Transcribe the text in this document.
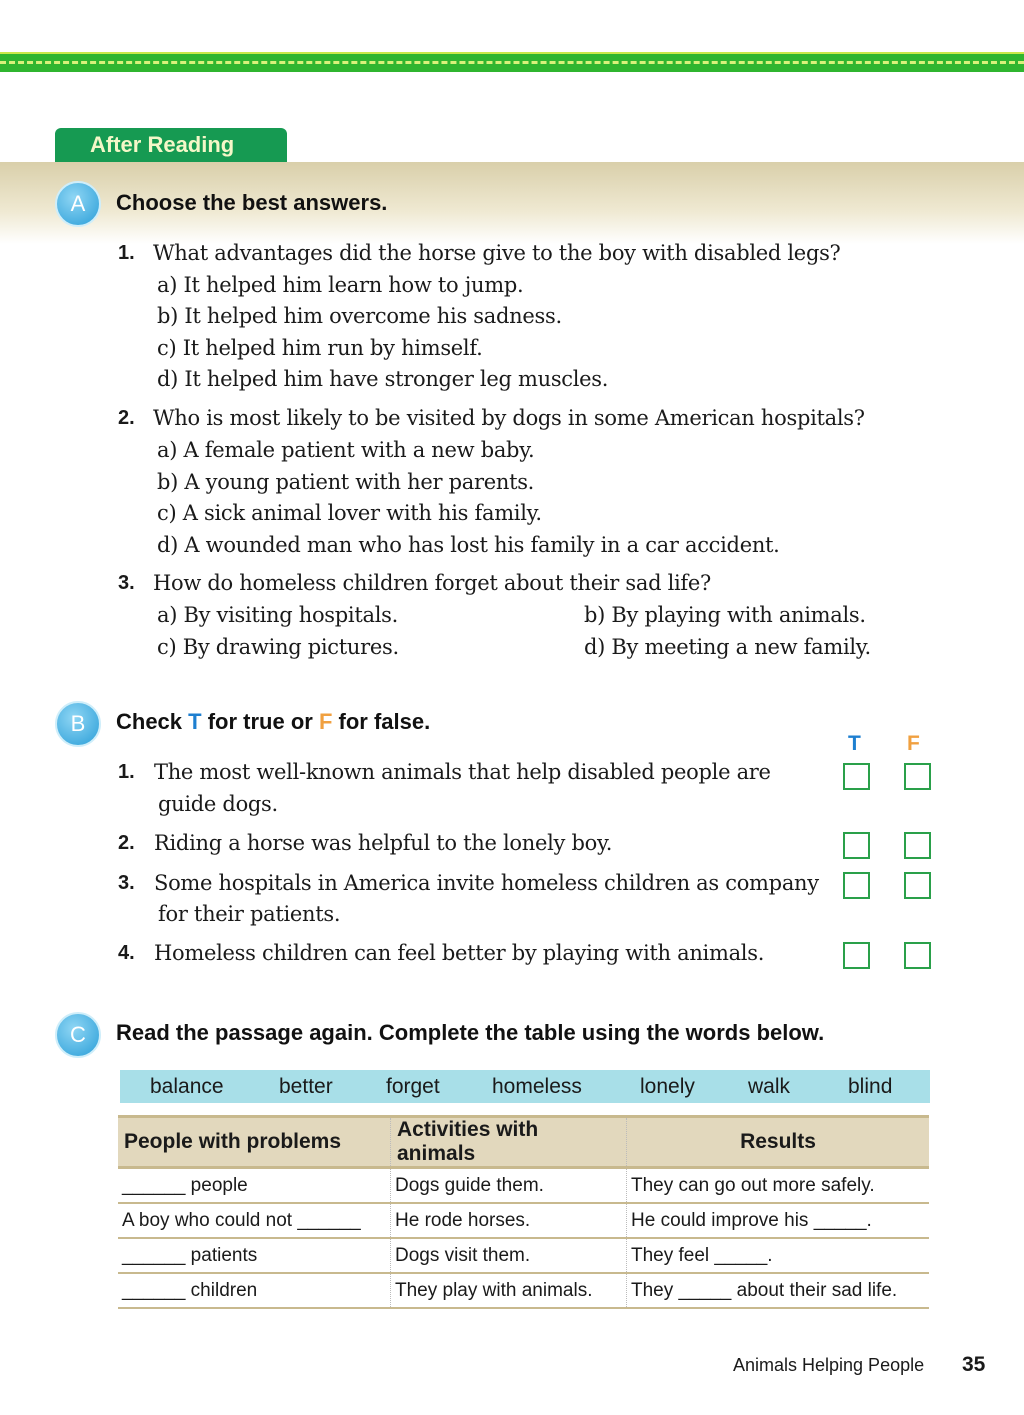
After Reading
A	Choose the best answers.
1. What advantages did the horse give to the boy with disabled legs?
a) It helped him learn how to jump.
b) It helped him overcome his sadness.
c) It helped him run by himself.
d) It helped him have stronger leg muscles.
2. Who is most likely to be visited by dogs in some American hospitals?
a) A female patient with a new baby.
b) A young patient with her parents.
c) A sick animal lover with his family.
d) A wounded man who has lost his family in a car accident.
3. How do homeless children forget about their sad life?
a) By visiting hospitals.	b) By playing with animals.
c) By drawing pictures.	d) By meeting a new family.
B	Check T for true or F for false.
T F
1. The most well-known animals that help disabled people are
guide dogs.
2. Riding a horse was helpful to the lonely boy.
3. Some hospitals in America invite homeless children as company
for their patients.
4. Homeless children can feel better by playing with animals.
C	Read the passage again. Complete the table using the words below.
balance	better	forget homeless	lonely	walk	blind
People with problems	Activities with animals	Results
______ people	Dogs guide them.	They can go out more safely.
A boy who could not ______	He rode horses.	He could improve his _____.
______ patients	Dogs visit them.	They feel _____.
______ children	They play with animals.	They _____ about their sad life.
Animals Helping People 35
